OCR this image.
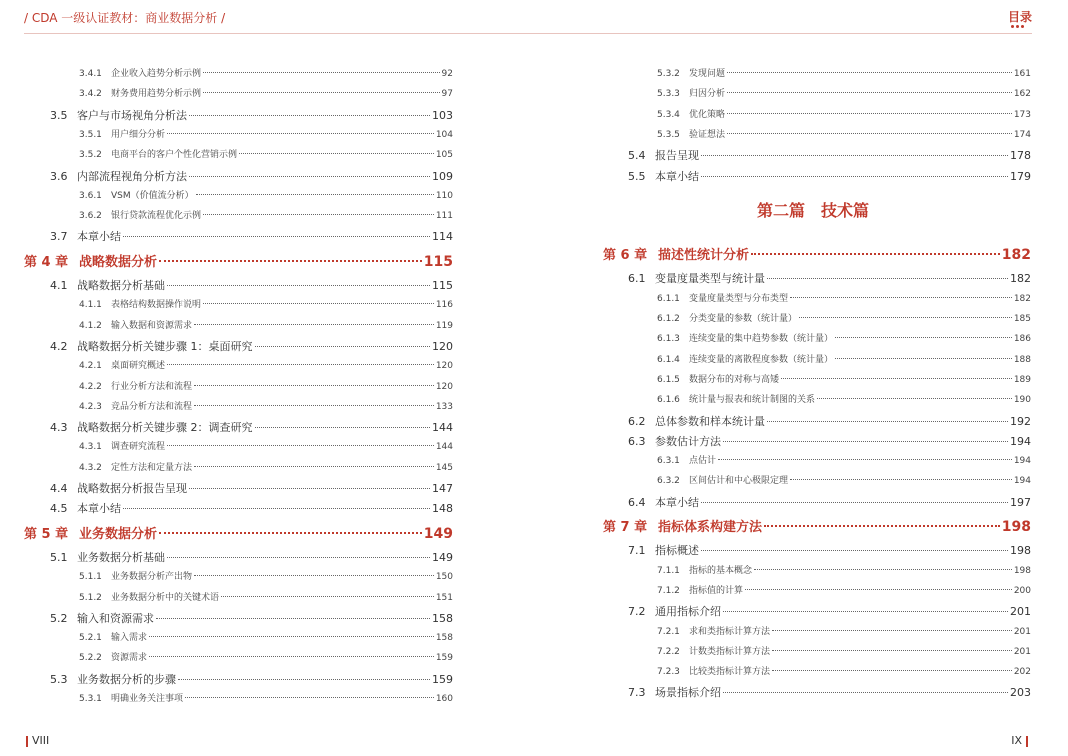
/ CDA 一级认证教材：商业数据分析 /	目录
3.4.1	企业收入趋势分析示例	92
3.4.2	财务费用趋势分析示例	97
3.5 客户与市场视角分析法	103
3.5.1	用户细分分析	104
3.5.2	电商平台的客户个性化营销示例	105
3.6 内部流程视角分析方法	109
3.6.1	VSM（价值流分析）	110
3.6.2	银行贷款流程优化示例	111
3.7 本章小结	114
第 4 章 战略数据分析	115
4.1 战略数据分析基础	115
4.1.1	表格结构数据操作说明	116
4.1.2	输入数据和资源需求	119
4.2 战略数据分析关键步骤 1：桌面研究	120
4.2.1	桌面研究概述	120
4.2.2	行业分析方法和流程	120
4.2.3	竞品分析方法和流程	133
4.3 战略数据分析关键步骤 2：调查研究	144
4.3.1	调查研究流程	144
4.3.2	定性方法和定量方法	145
4.4 战略数据分析报告呈现	147
4.5 本章小结	148
第 5 章 业务数据分析	149
5.1 业务数据分析基础	149
5.1.1	业务数据分析产出物	150
5.1.2	业务数据分析中的关键术语	151
5.2 输入和资源需求	158
5.2.1	输入需求	158
5.2.2	资源需求	159
5.3 业务数据分析的步骤	159
5.3.1	明确业务关注事项	160
5.3.2	发现问题	161
5.3.3	归因分析	162
5.3.4	优化策略	173
5.3.5	验证想法	174
5.4 报告呈现	178
5.5 本章小结	179
第二篇　技术篇
第 6 章 描述性统计分析	182
6.1 变量度量类型与统计量	182
6.1.1	变量度量类型与分布类型	182
6.1.2	分类变量的参数（统计量）	185
6.1.3	连续变量的集中趋势参数（统计量）	186
6.1.4	连续变量的离散程度参数（统计量）	188
6.1.5	数据分布的对称与高矮	189
6.1.6	统计量与报表和统计制图的关系	190
6.2 总体参数和样本统计量	192
6.3 参数估计方法	194
6.3.1	点估计	194
6.3.2	区间估计和中心极限定理	194
6.4 本章小结	197
第 7 章 指标体系构建方法	198
7.1 指标概述	198
7.1.1	指标的基本概念	198
7.1.2	指标值的计算	200
7.2 通用指标介绍	201
7.2.1	求和类指标计算方法	201
7.2.2	计数类指标计算方法	201
7.2.3	比较类指标计算方法	202
7.3 场景指标介绍	203
VIII	IX
